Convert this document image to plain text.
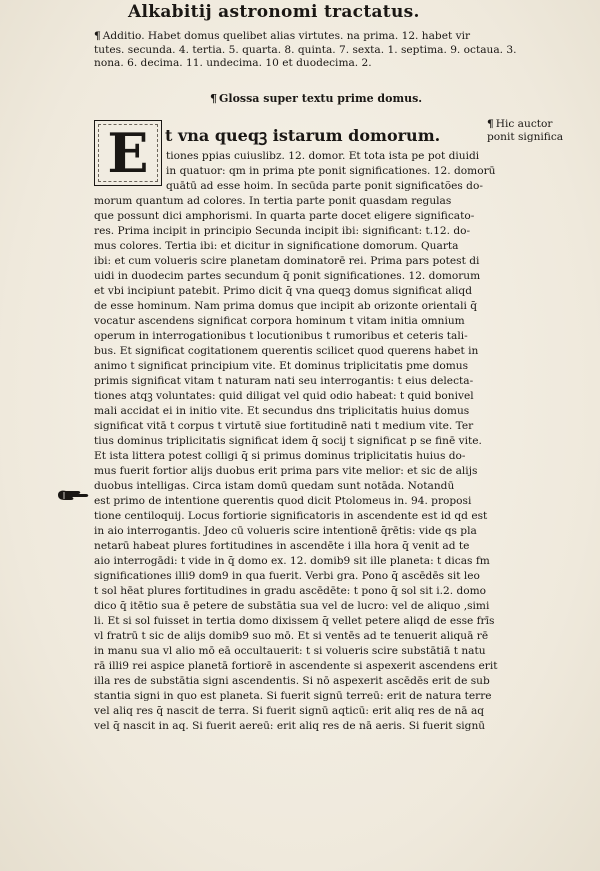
Alkabitij astronomi tractatus.
¶ Additio. Habet domus quelibet alias virtutes. na prima. 12. habet vir
tutes. secunda. 4. tertia. 5. quarta. 8. quinta. 7. sexta. 1. septima. 9. octaua. 3.
nona. 6. decima. 11. undecima. 10 et duodecima. 2.
¶ Glossa super textu prime domus.
E t vna queqꝫ istarum domorum.
¶ Hic auctor
ponit significa
tiones ppias cuiuslibz. 12. domor. Et tota ista pe pot diuidi
in quatuor: qm in prima pte ponit significationes. 12. domorū
quātū ad esse hoim. In secūda parte ponit significatões do-
morum quantum ad colores. In tertia parte ponit quasdam regulas
que possunt dici amphorismi. In quarta parte docet eligere significato-
res. Prima incipit in principio Secunda incipit ibi: significant: t.12. do-
mus colores. Tertia ibi: et dicitur in significatione domorum. Quarta
ibi: et cum volueris scire planetam dominatorē rei. Prima pars potest di
uidi in duodecim partes secundum q̄ ponit significationes. 12. domorum
et vbi incipiunt patebit. Primo dicit q̄ vna queqꝫ domus significat aliqd
de esse hominum. Nam prima domus que incipit ab orizonte orientali q̄
vocatur ascendens significat corpora hominum t vitam initia omnium
operum in interrogationibus t locutionibus t rumoribus et ceteris tali-
bus. Et significat cogitationem querentis scilicet quod querens habet in
animo t significat principium vite. Et dominus triplicitatis pme domus
primis significat vitam t naturam nati seu interrogantis: t eius delecta-
tiones atqꝫ voluntates: quid diligat vel quid odio habeat: t quid bonivel
mali accidat ei in initio vite. Et secundus dns triplicitatis huius domus
significat vitā t corpus t virtutē siue fortitudinē nati t medium vite. Ter
tius dominus triplicitatis significat idem q̄ socij t significat p se finē vite.
Et ista littera potest colligi q̄ si primus dominus triplicitatis huius do-
mus fuerit fortior alijs duobus erit prima pars vite melior: et sic de alijs
duobus intelligas. Circa istam domū quedam sunt notāda. Notandū
est primo de intentione querentis quod dicit Ptolomeus in. 94. proposi
tione centiloquij. Locus fortiorie significatoris in ascendente est id qd est
in aio interrogantis. Jdeo cū volueris scire intentionē q̄rētis: vide qs pla
netarū habeat plures fortitudines in ascendēte i illa hora q̄ venit ad te
aio interrogādi: t vide in q̄ domo ex. 12. domib9 sit ille planeta: t dicas fm
significationes illi9 dom9 in qua fuerit. Verbi gra. Pono q̄ ascēdēs sit leo
t sol hēat plures fortitudines in gradu ascēdēte: t pono q̄ sol sit i.2. domo
dico q̄ itētio sua ē petere de substātia sua vel de lucro: vel de aliquo ,simi
li. Et si sol fuisset in tertia domo dixissem q̄ vellet petere aliqd de esse frīs
vl fratrū t sic de alijs domib9 suo mō. Et si ventēs ad te tenuerit aliquā rē
in manu sua vl alio mō eā occultauerit: t si volueris scire substātiā t natu
rā illi9 rei aspice planetā fortiorē in ascendente si aspexerit ascendens erit
illa res de substātia signi ascendentis. Si nō aspexerit ascēdēs erit de sub
stantia signi in quo est planeta. Si fuerit signū terreū: erit de natura terre
vel aliq res q̄ nascit de terra. Si fuerit signū aqticū: erit aliq res de nā aq
vel q̄ nascit in aq. Si fuerit aereū: erit aliq res de nā aeris. Si fuerit signū
